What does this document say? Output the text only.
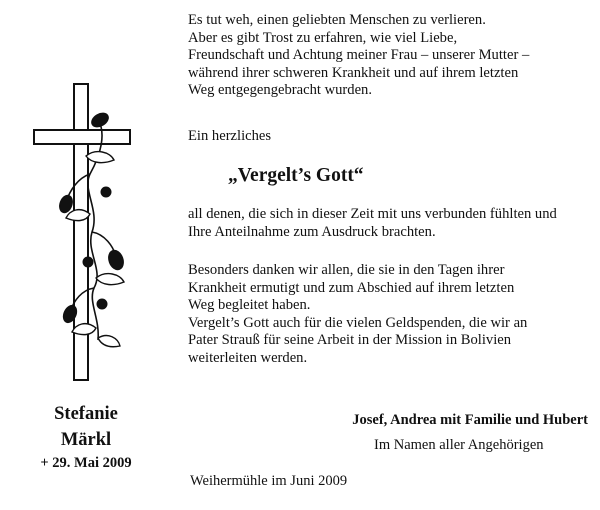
Es tut weh, einen geliebten Menschen zu verlieren.
Aber es gibt Trost zu erfahren, wie viel Liebe,
Freundschaft und Achtung meiner Frau – unserer Mutter –
während ihrer schweren Krankheit und auf ihrem letzten
Weg entgegengebracht wurden.

Ein herzliches

„Vergelt’s Gott“

all denen, die sich in dieser Zeit mit uns verbunden fühlten und
Ihre Anteilnahme zum Ausdruck brachten.

Besonders danken wir allen, die sie in den Tagen ihrer
Krankheit ermutigt und zum Abschied auf ihrem letzten
Weg begleitet haben.
Vergelt’s Gott auch für die vielen Geldspenden, die wir an
Pater Strauß für seine Arbeit in der Mission in Bolivien
weiterleiten werden.

Stefanie

Märkl

+ 29. Mai 2009

Josef, Andrea mit Familie und Hubert

Im Namen aller Angehörigen

Weihermühle im Juni 2009
